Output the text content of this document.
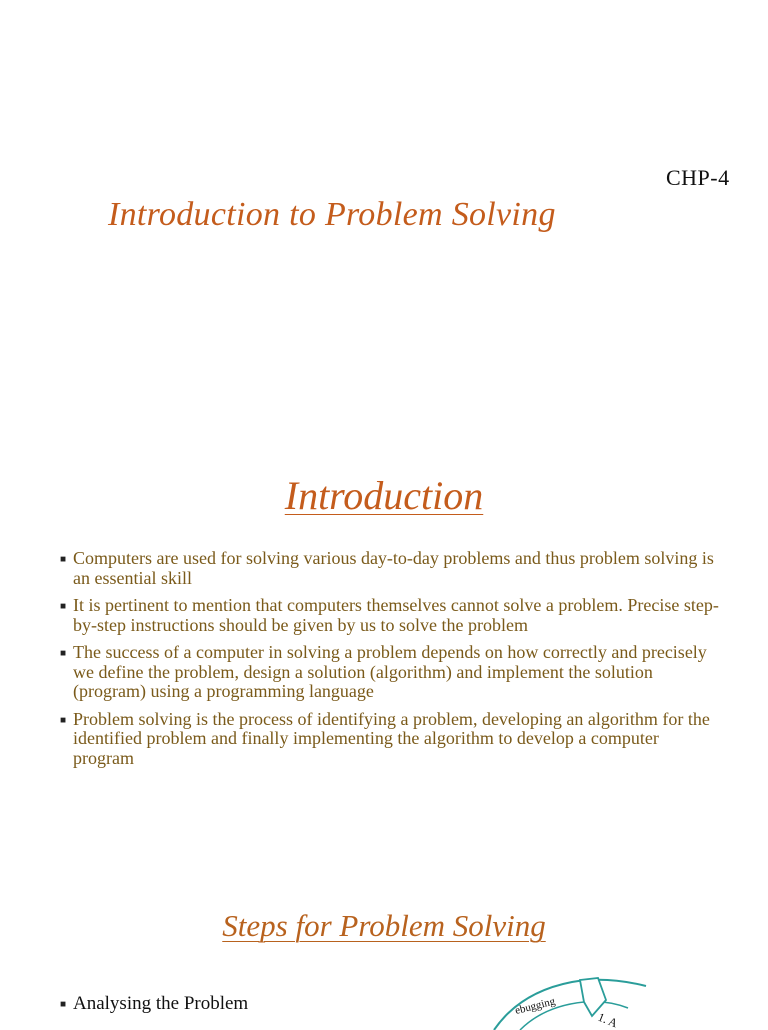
CHP-4
Introduction to Problem Solving
Introduction
■ Computers are used for solving various day-to-day problems and thus problem solving is an essential skill
■ It is pertinent to mention that computers themselves cannot solve a problem. Precise step-by-step instructions should be given by us to solve the problem
■ The success of a computer in solving a problem depends on how correctly and precisely we define the problem, design a solution (algorithm) and implement the solution (program) using a programming language
■ Problem solving is the process of identifying a problem, developing an algorithm for the identified problem and finally implementing the algorithm to develop a computer program
Steps for Problem Solving
■ Analysing the Problem	ebugging
1. A
